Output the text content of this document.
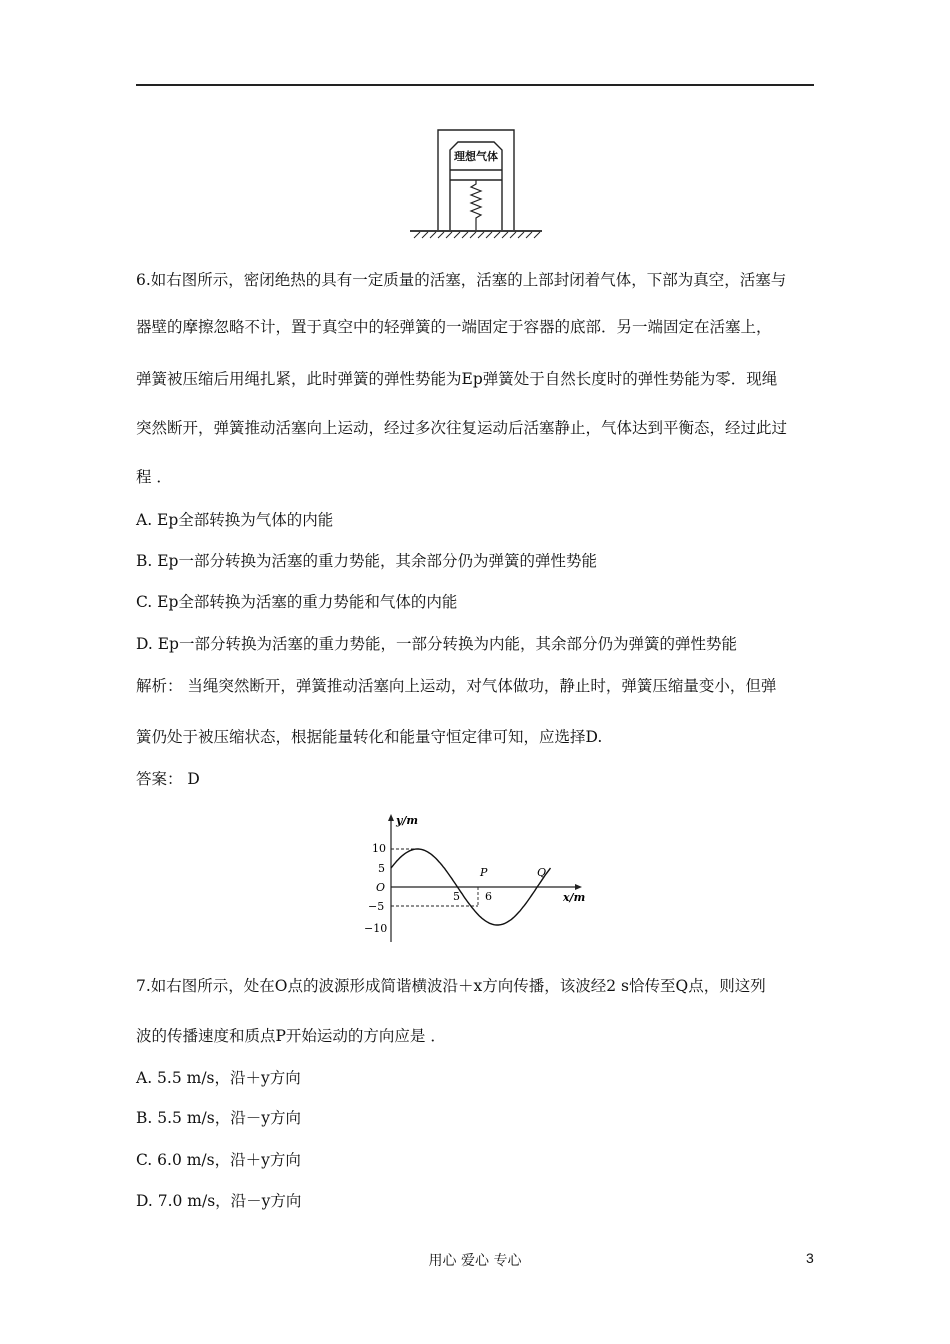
理想气体
6.如右图所示，密闭绝热的具有一定质量的活塞，活塞的上部封闭着气体，下部为真空，活塞与
器壁的摩擦忽略不计，置于真空中的轻弹簧的一端固定于容器的底部．另一端固定在活塞上，
弹簧被压缩后用绳扎紧，此时弹簧的弹性势能为Ep弹簧处于自然长度时的弹性势能为零．现绳
突然断开，弹簧推动活塞向上运动，经过多次往复运动后活塞静止，气体达到平衡态，经过此过
程 ．
A. Ep全部转换为气体的内能
B. Ep一部分转换为活塞的重力势能，其余部分仍为弹簧的弹性势能
C. Ep全部转换为活塞的重力势能和气体的内能
D. Ep一部分转换为活塞的重力势能，一部分转换为内能，其余部分仍为弹簧的弹性势能
解析： 当绳突然断开，弹簧推动活塞向上运动，对气体做功，静止时，弹簧压缩量变小，但弹
簧仍处于被压缩状态，根据能量转化和能量守恒定律可知，应选择D.
答案： D
y/m
x/m
O
10
5
−5
−10
5 6
P	Q
7.如右图所示，处在O点的波源形成简谐横波沿＋x方向传播，该波经2 s恰传至Q点，则这列
波的传播速度和质点P开始运动的方向应是 ．
A. 5.5 m/s，沿＋y方向
B. 5.5 m/s，沿－y方向
C. 6.0 m/s，沿＋y方向
D. 7.0 m/s，沿－y方向
用心 爱心 专心	3
